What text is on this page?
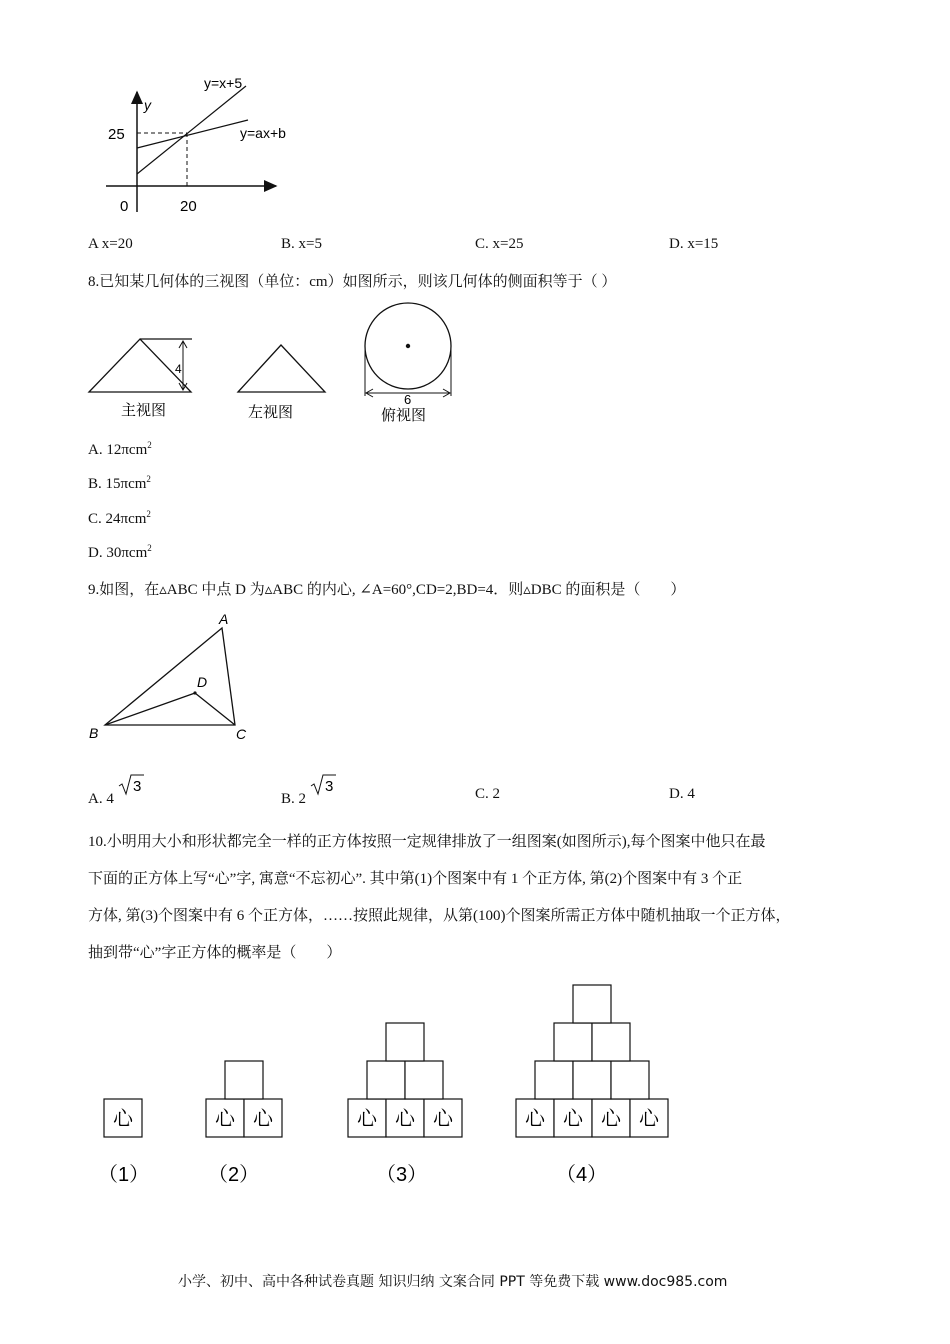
y
y=x+5
y=ax+b
25
20
0
A x=20	B. x=5	C. x=25	D. x=15
8.已知某几何体的三视图（单位：cm）如图所示，则该几何体的侧面积等于（ ）
4
主视图	左视图
6
俯视图
A. 12πcm$^2$
B. 15πcm$^2$
C. 24πcm$^2$
D. 30πcm$^2$
9.如图，在▵ABC 中点 D 为▵ABC 的内心, ∠A=60°,CD=2,BD=4．则▵DBC 的面积是（　　）
A
B	C
D
A. 4
3
B. 2
3	C. 2	D. 4
10.小明用大小和形状都完全一样的正方体按照一定规律排放了一组图案(如图所示),每个图案中他只在最
下面的正方体上写“心”字, 寓意“不忘初心”. 其中第(1)个图案中有 1 个正方体, 第(2)个图案中有 3 个正
方体, 第(3)个图案中有 6 个正方体，……按照此规律，从第(100)个图案所需正方体中随机抽取一个正方体，
抽到带“心”字正方体的概率是（　　）
心
（1）
心 心
（2）
心 心 心
（3）
心 心 心 心
（4）
小学、初中、高中各种试卷真题 知识归纳 文案合同 PPT 等免费下载 www.doc985.com
